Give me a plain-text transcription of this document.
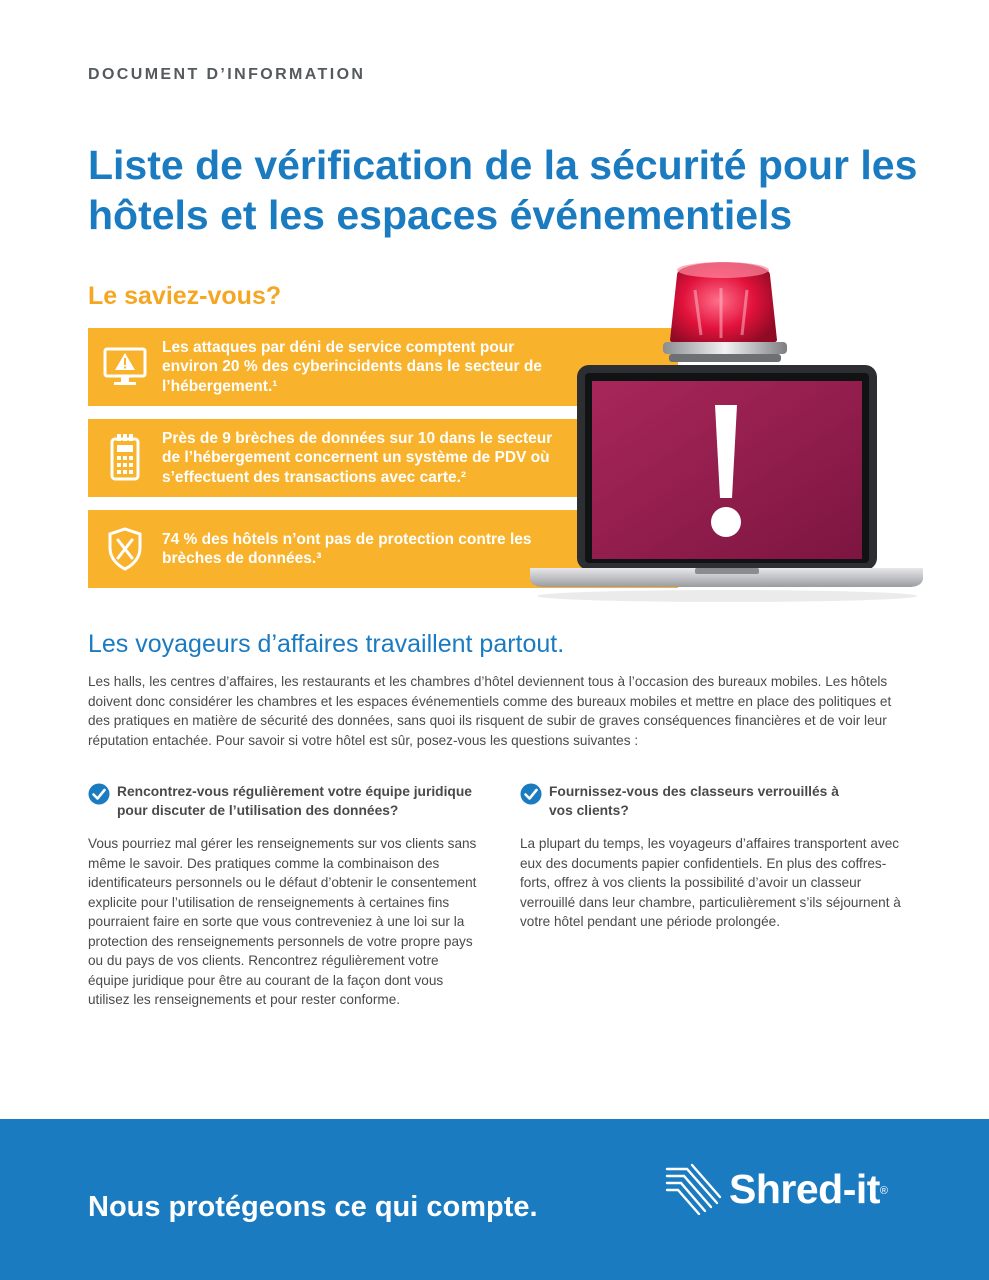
DOCUMENT D’INFORMATION
Liste de vérification de la sécurité pour les hôtels et les espaces événementiels
Le saviez-vous?
Les attaques par déni de service comptent pour environ 20 % des cyberincidents dans le secteur de l’hébergement.¹
Près de 9 brèches de données sur 10 dans le secteur de l’hébergement concernent un système de PDV où s’effectuent des transactions avec carte.²
74 % des hôtels n’ont pas de protection contre les brèches de données.³
Les voyageurs d’affaires travaillent partout.

Les halls, les centres d’affaires, les restaurants et les chambres d’hôtel deviennent tous à l’occasion des bureaux mobiles. Les hôtels doivent donc considérer les chambres et les espaces événementiels comme des bureaux mobiles et mettre en place des politiques et des pratiques en matière de sécurité des données, sans quoi ils risquent de subir de graves conséquences financières et de voir leur réputation entachée. Pour savoir si votre hôtel est sûr, posez-vous les questions suivantes :

Rencontrez-vous régulièrement votre équipe juridique pour discuter de l’utilisation des données?
Vous pourriez mal gérer les renseignements sur vos clients sans même le savoir. Des pratiques comme la combinaison des identificateurs personnels ou le défaut d’obtenir le consentement explicite pour l’utilisation de renseignements à certaines fins pourraient faire en sorte que vous contreveniez à une loi sur la protection des renseignements personnels de votre propre pays ou du pays de vos clients. Rencontrez régulièrement votre équipe juridique pour être au courant de la façon dont vous utilisez les renseignements et pour rester conforme.
Fournissez-vous des classeurs verrouillés à vos clients?
La plupart du temps, les voyageurs d’affaires transportent avec eux des documents papier confidentiels. En plus des coffres-forts, offrez à vos clients la possibilité d’avoir un classeur verrouillé dans leur chambre, particulièrement s’ils séjournent à votre hôtel pendant une période prolongée.
Nous protégeons ce qui compte.	Shred-it ®
